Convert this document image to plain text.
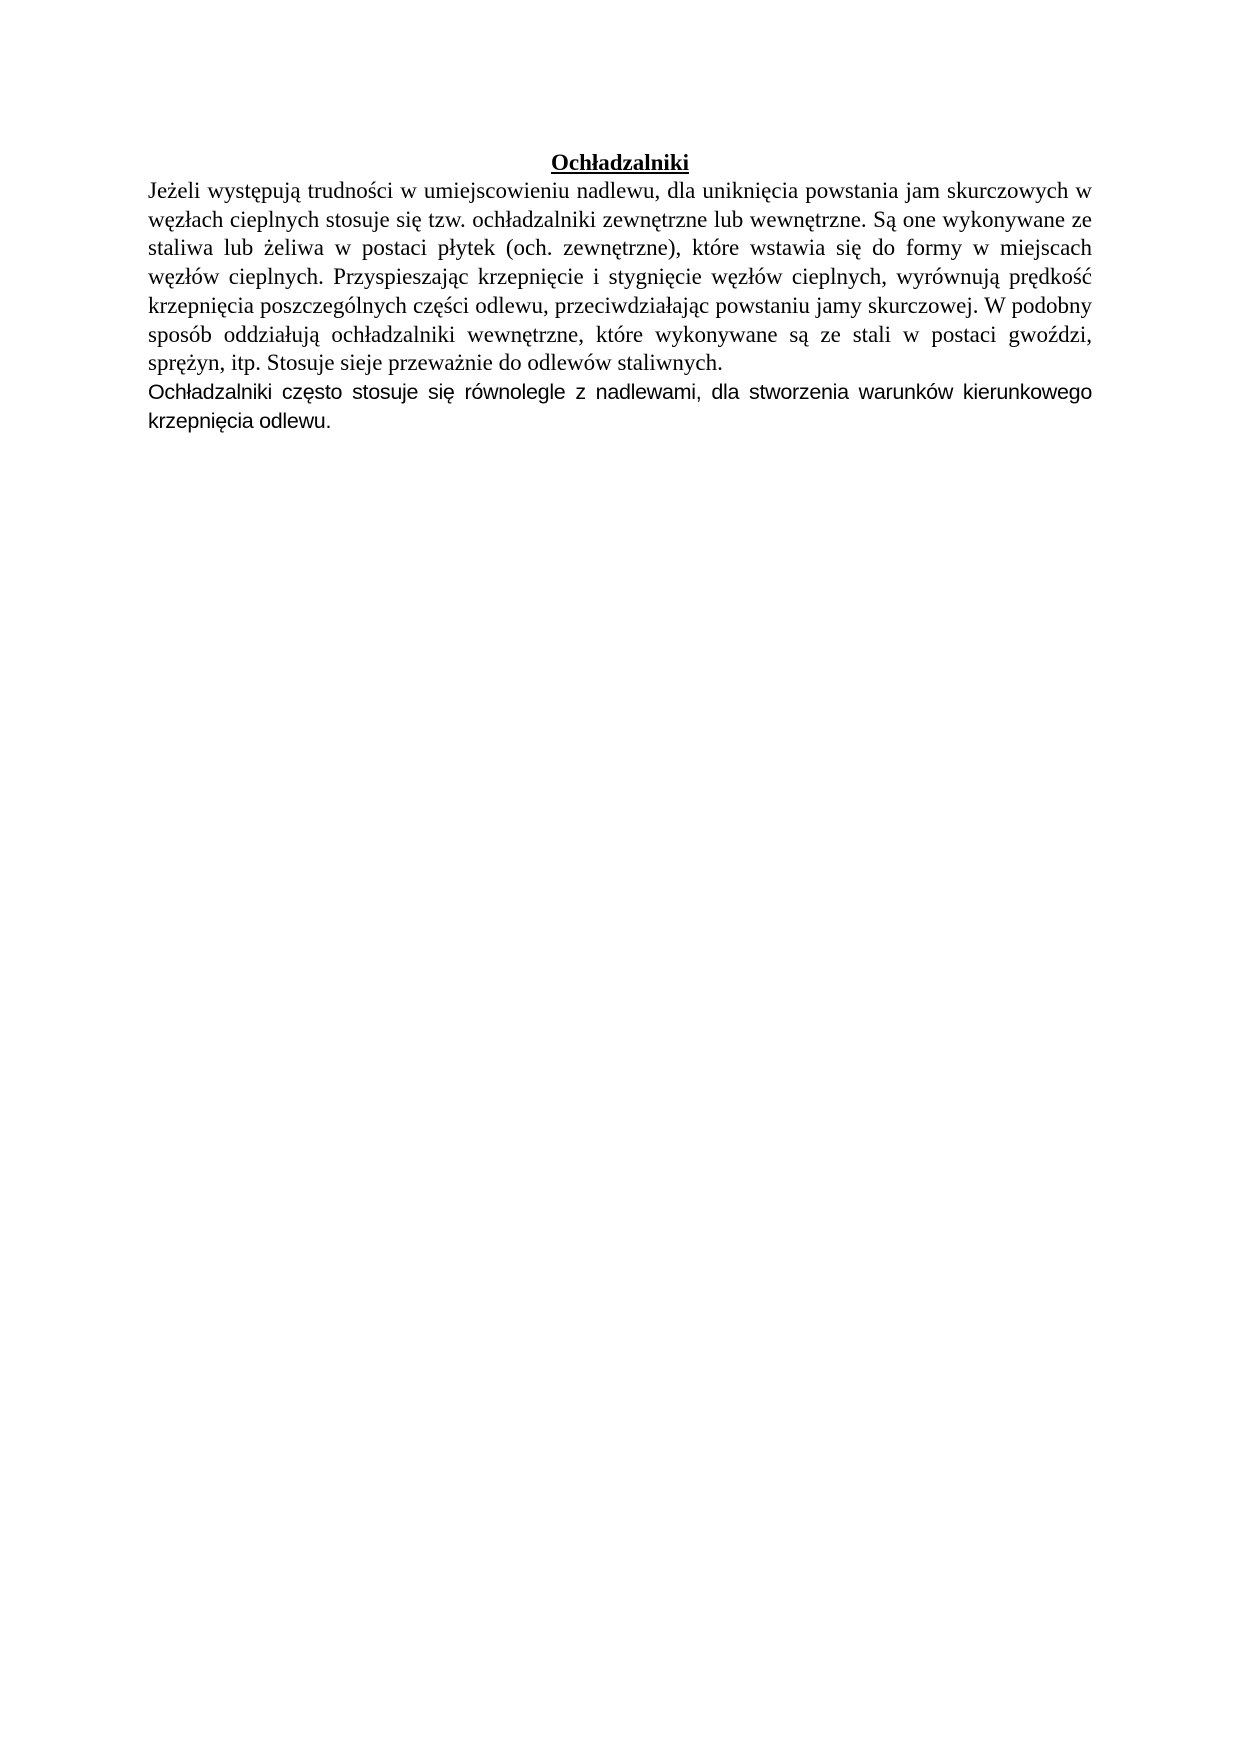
Ochładzalniki

Jeżeli występują trudności w umiejscowieniu nadlewu, dla uniknięcia powstania jam skurczowych w węzłach cieplnych stosuje się tzw. ochładzalniki zewnętrzne lub wewnętrzne. Są one wykonywane ze staliwa lub żeliwa w postaci płytek (och. zewnętrzne), które wstawia się do formy w miejscach węzłów cieplnych. Przyspieszając krzepnięcie i stygnięcie węzłów cieplnych, wyrównują prędkość krzepnięcia poszczególnych części odlewu, przeciwdziałając powstaniu jamy skurczowej. W podobny sposób oddziałują ochładzalniki wewnętrzne, które wykonywane są ze stali w postaci gwoździ, sprężyn, itp. Stosuje sieje przeważnie do odlewów staliwnych.

Ochładzalniki często stosuje się równolegle z nadlewami, dla stworzenia warunków kierunkowego krzepnięcia odlewu.
